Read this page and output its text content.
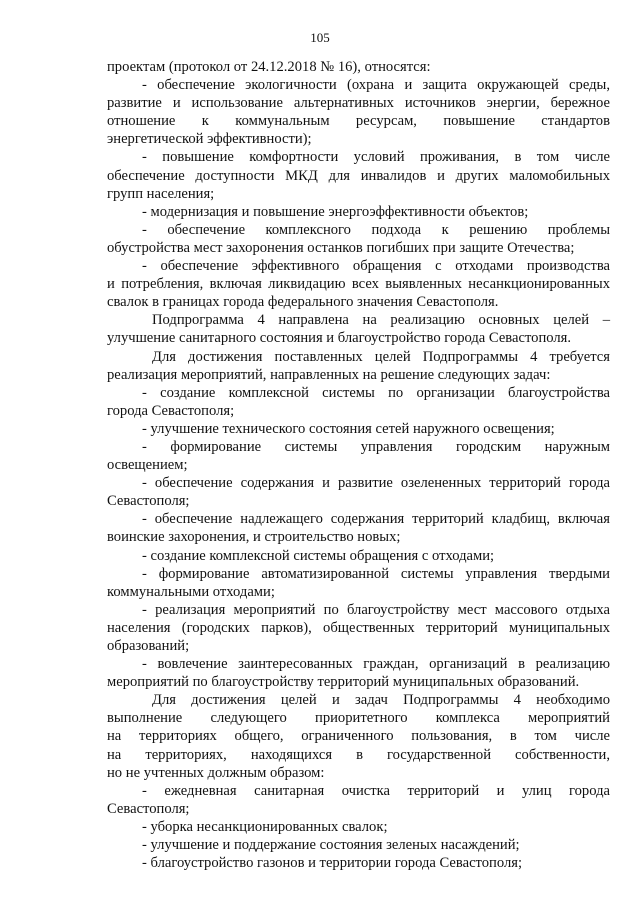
105
проектам (протокол от 24.12.2018 № 16), относятся:
- обеспечение экологичности (охрана и защита окружающей среды,
развитие и использование альтернативных источников энергии, бережное
отношение к коммунальным ресурсам, повышение стандартов
энергетической эффективности);
- повышение комфортности условий проживания, в том числе
обеспечение доступности МКД для инвалидов и других маломобильных
групп населения;
- модернизация и повышение энергоэффективности объектов;
- обеспечение комплексного подхода к решению проблемы
обустройства мест захоронения останков погибших при защите Отечества;
- обеспечение эффективного обращения с отходами производства
и потребления, включая ликвидацию всех выявленных несанкционированных
свалок в границах города федерального значения Севастополя.
Подпрограмма 4 направлена на реализацию основных целей –
улучшение санитарного состояния и благоустройство города Севастополя.
Для достижения поставленных целей Подпрограммы 4 требуется
реализация мероприятий, направленных на решение следующих задач:
- создание комплексной системы по организации благоустройства
города Севастополя;
- улучшение технического состояния сетей наружного освещения;
- формирование системы управления городским наружным
освещением;
- обеспечение содержания и развитие озелененных территорий города
Севастополя;
- обеспечение надлежащего содержания территорий кладбищ, включая
воинские захоронения, и строительство новых;
- создание комплексной системы обращения с отходами;
- формирование автоматизированной системы управления твердыми
коммунальными отходами;
- реализация мероприятий по благоустройству мест массового отдыха
населения (городских парков), общественных территорий муниципальных
образований;
- вовлечение заинтересованных граждан, организаций в реализацию
мероприятий по благоустройству территорий муниципальных образований.
Для достижения целей и задач Подпрограммы 4 необходимо
выполнение следующего приоритетного комплекса мероприятий
на территориях общего, ограниченного пользования, в том числе
на территориях, находящихся в государственной собственности,
но не учтенных должным образом:
- ежедневная санитарная очистка территорий и улиц города
Севастополя;
- уборка несанкционированных свалок;
- улучшение и поддержание состояния зеленых насаждений;
- благоустройство газонов и территории города Севастополя;
